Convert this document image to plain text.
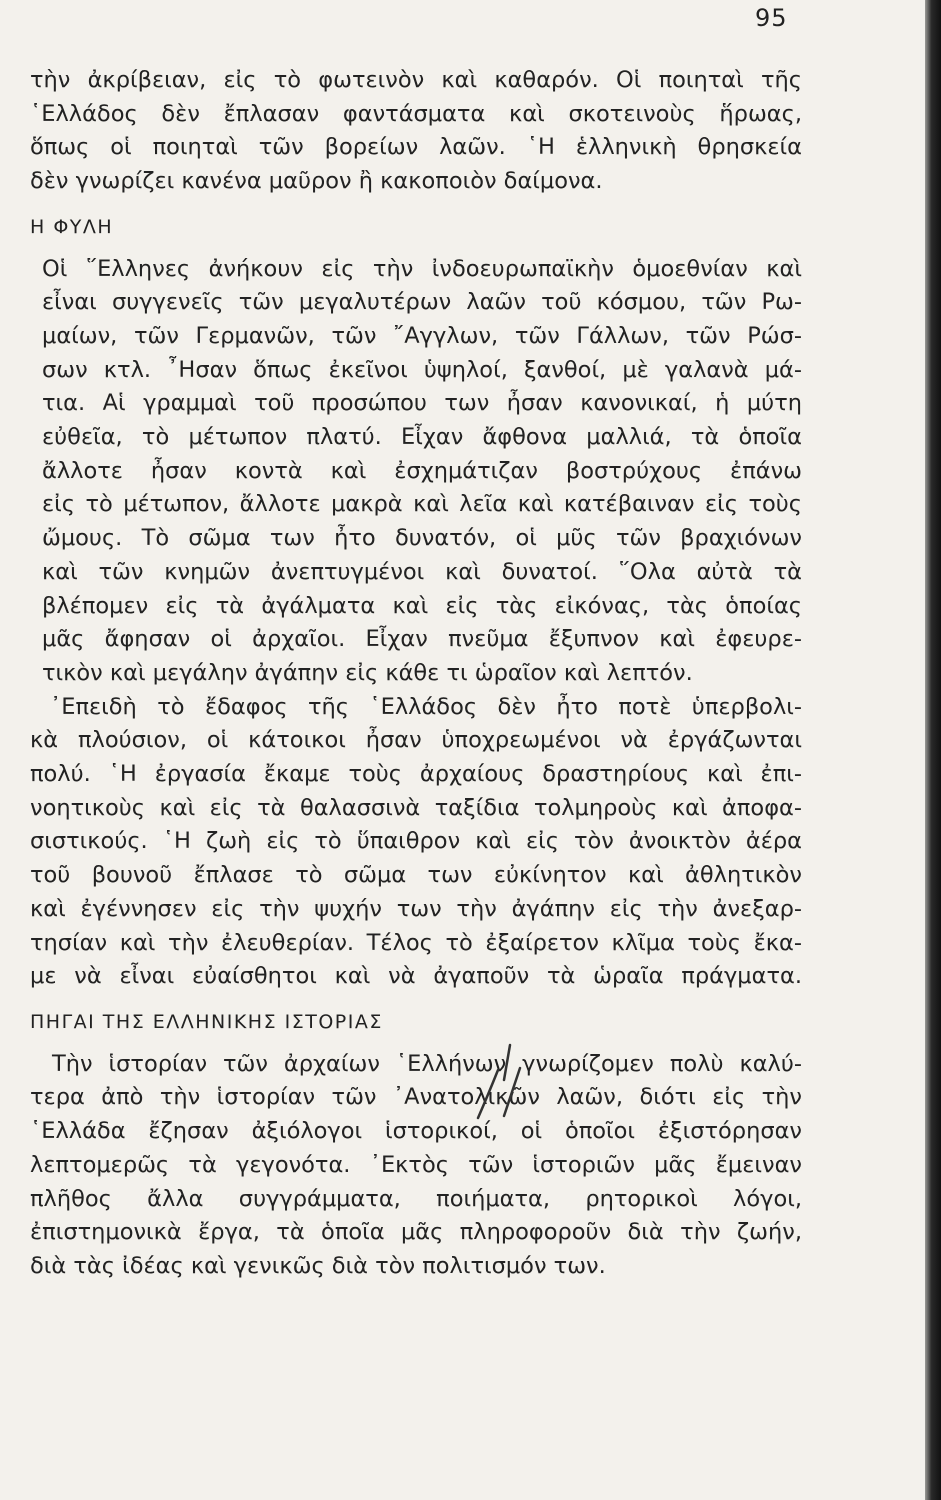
95
τὴν ἀκρίβειαν, εἰς τὸ φωτεινὸν καὶ καθαρόν. Οἱ ποιηταὶ τῆς
῾Ελλάδος δὲν ἔπλασαν φαντάσματα καὶ σκοτεινοὺς ἥρωας,
ὅπως οἱ ποιηταὶ τῶν βορείων λαῶν. ῾Η ἑλληνικὴ θρησκεία
δὲν γνωρίζει κανένα μαῦρον ἢ κακοποιὸν δαίμονα.
Η ΦΥΛΗ
Οἱ ῞Ελληνες ἀνήκουν εἰς τὴν ἰνδοευρωπαϊκὴν ὁμοεθνίαν καὶ
εἶναι συγγενεῖς τῶν μεγαλυτέρων λαῶν τοῦ κόσμου, τῶν Ρω-
μαίων, τῶν Γερμανῶν, τῶν ῎Αγγλων, τῶν Γάλλων, τῶν Ρώσ-
σων κτλ. ῏Ησαν ὅπως ἐκεῖνοι ὑψηλοί, ξανθοί, μὲ γαλανὰ μά-
τια. Αἱ γραμμαὶ τοῦ προσώπου των ἦσαν κανονικαί, ἡ μύτη
εὐθεῖα, τὸ μέτωπον πλατύ. Εἶχαν ἄφθονα μαλλιά, τὰ ὁποῖα
ἄλλοτε ἦσαν κοντὰ καὶ ἐσχημάτιζαν βοστρύχους ἐπάνω
εἰς τὸ μέτωπον, ἄλλοτε μακρὰ καὶ λεῖα καὶ κατέβαιναν εἰς τοὺς
ὤμους. Τὸ σῶμα των ἦτο δυνατόν, οἱ μῦς τῶν βραχιόνων
καὶ τῶν κνημῶν ἀνεπτυγμένοι καὶ δυνατοί. ῞Ολα αὐτὰ τὰ
βλέπομεν εἰς τὰ ἀγάλματα καὶ εἰς τὰς εἰκόνας, τὰς ὁποίας
μᾶς ἄφησαν οἱ ἀρχαῖοι. Εἶχαν πνεῦμα ἔξυπνον καὶ ἐφευρε-
τικὸν καὶ μεγάλην ἀγάπην εἰς κάθε τι ὡραῖον καὶ λεπτόν.
᾿Επειδὴ τὸ ἔδαφος τῆς ῾Ελλάδος δὲν ἦτο ποτὲ ὑπερβολι-
κὰ πλούσιον, οἱ κάτοικοι ἦσαν ὑποχρεωμένοι νὰ ἐργάζωνται
πολύ. ῾Η ἐργασία ἔκαμε τοὺς ἀρχαίους δραστηρίους καὶ ἐπι-
νοητικοὺς καὶ εἰς τὰ θαλασσινὰ ταξίδια τολμηροὺς καὶ ἀποφα-
σιστικούς. ῾Η ζωὴ εἰς τὸ ὕπαιθρον καὶ εἰς τὸν ἀνοικτὸν ἀέρα
τοῦ βουνοῦ ἔπλασε τὸ σῶμα των εὐκίνητον καὶ ἀθλητικὸν
καὶ ἐγέννησεν εἰς τὴν ψυχήν των τὴν ἀγάπην εἰς τὴν ἀνεξαρ-
τησίαν καὶ τὴν ἐλευθερίαν. Τέλος τὸ ἐξαίρετον κλῖμα τοὺς ἔκα-
με νὰ εἶναι εὐαίσθητοι καὶ νὰ ἀγαποῦν τὰ ὡραῖα πράγματα.
ΠΗΓΑΙ ΤΗΣ ΕΛΛΗΝΙΚΗΣ ΙΣΤΟΡΙΑΣ
Τὴν ἱστορίαν τῶν ἀρχαίων ῾Ελλήνων γνωρίζομεν πολὺ καλύ-
τερα ἀπὸ τὴν ἱστορίαν τῶν ᾿Ανατολικῶν λαῶν, διότι εἰς τὴν
῾Ελλάδα ἔζησαν ἀξιόλογοι ἱστορικοί, οἱ ὁποῖοι ἐξιστόρησαν
λεπτομερῶς τὰ γεγονότα. ᾿Εκτὸς τῶν ἱστοριῶν μᾶς ἔμειναν
πλῆθος ἄλλα συγγράμματα, ποιήματα, ρητορικοὶ λόγοι,
ἐπιστημονικὰ ἔργα, τὰ ὁποῖα μᾶς πληροφοροῦν διὰ τὴν ζωήν,
διὰ τὰς ἰδέας καὶ γενικῶς διὰ τὸν πολιτισμόν των.
